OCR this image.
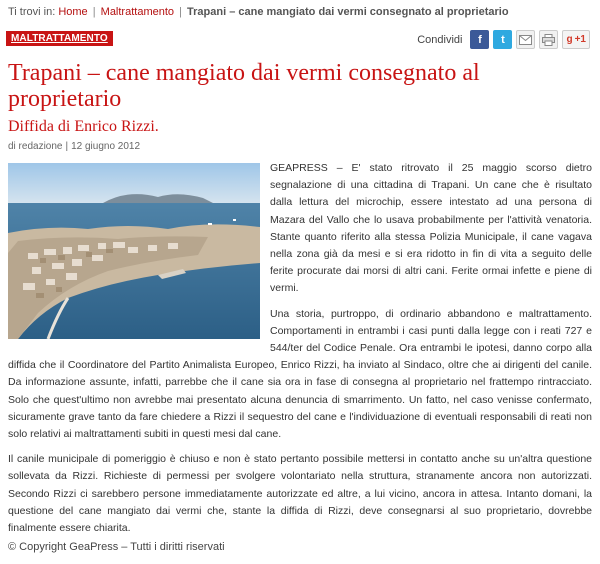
Ti trovi in: Home | Maltrattamento | Trapani – cane mangiato dai vermi consegnato al proprietario
MALTRATTAMENTO	Condividi	f	t	g +1
Trapani – cane mangiato dai vermi consegnato al proprietario
Diffida di Enrico Rizzi.
di redazione | 12 giugno 2012

GEAPRESS – E' stato ritrovato il 25 maggio scorso dietro segnalazione di una cittadina di Trapani. Un cane che è risultato dalla lettura del microchip, essere intestato ad una persona di Mazara del Vallo che lo usava probabilmente per l'attività venatoria. Stante quanto riferito alla stessa Polizia Municipale, il cane vagava nella zona già da mesi e si era ridotto in fin di vita a seguito delle ferite procurate dai morsi di altri cani. Ferite ormai infette e piene di vermi.

Una storia, purtroppo, di ordinario abbandono e maltrattamento. Comportamenti in entrambi i casi punti dalla legge con i reati 727 e 544/ter del Codice Penale. Ora entrambi le ipotesi, danno corpo alla diffida che il Coordinatore del Partito Animalista Europeo, Enrico Rizzi, ha inviato al Sindaco, oltre che ai dirigenti del canile. Da informazione assunte, infatti, parrebbe che il cane sia ora in fase di consegna al proprietario nel frattempo rintracciato. Solo che quest'ultimo non avrebbe mai presentato alcuna denuncia di smarrimento. Un fatto, nel caso venisse confermato, sicuramente grave tanto da fare chiedere a Rizzi il sequestro del cane e l'individuazione di eventuali responsabili di reati non solo relativi ai maltrattamenti subiti in questi mesi dal cane.

Il canile municipale di pomeriggio è chiuso e non è stato pertanto possibile mettersi in contatto anche su un'altra questione sollevata da Rizzi. Richieste di permessi per svolgere volontariato nella struttura, stranamente ancora non autorizzati. Secondo Rizzi ci sarebbero persone immediatamente autorizzate ed altre, a lui vicino, ancora in attesa. Intanto domani, la questione del cane mangiato dai vermi che, stante la diffida di Rizzi, deve consegnarsi al suo proprietario, dovrebbe finalmente essere chiarita.

© Copyright GeaPress – Tutti i diritti riservati
